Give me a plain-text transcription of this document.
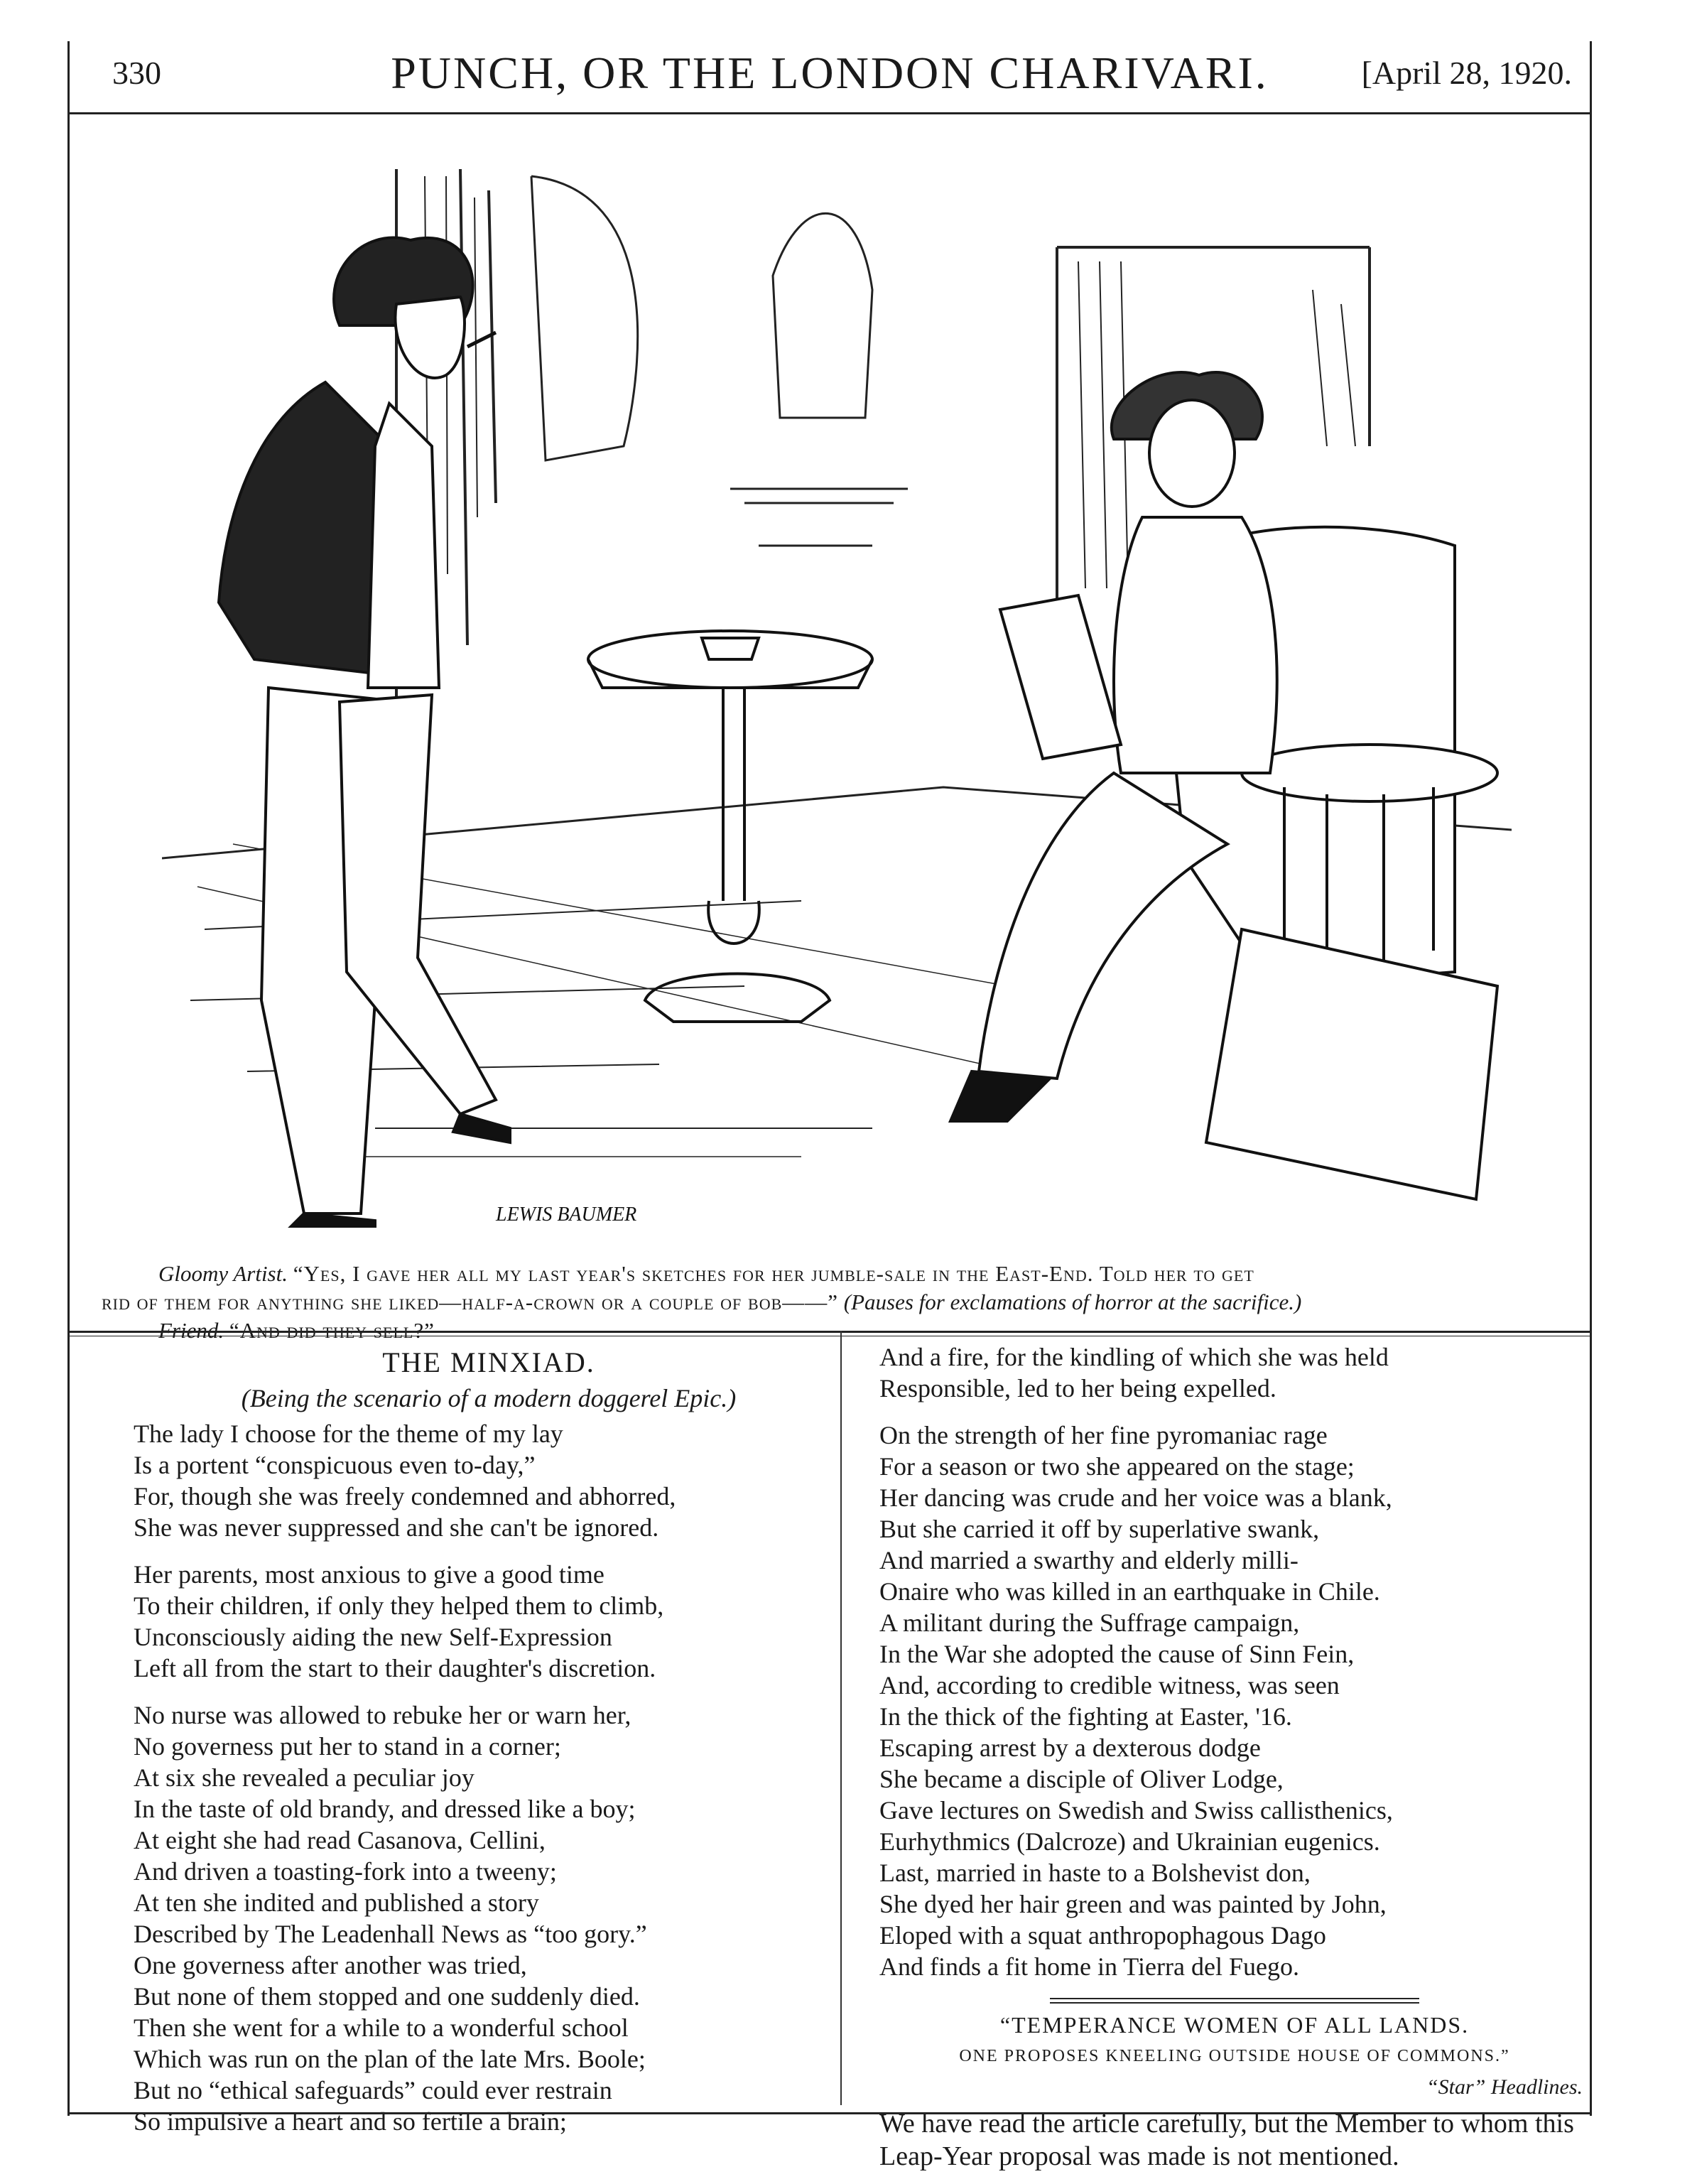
330	PUNCH, OR THE LONDON CHARIVARI.	[April 28, 1920.
LEWIS BAUMER

Gloomy Artist. “Yes, I gave her all my last year's sketches for her jumble-sale in the East-End. Told her to get

rid of them for anything she liked—half-a-crown or a couple of bob——” (Pauses for exclamations of horror at the sacrifice.)

Friend. “And did they sell?”

THE MINXIAD.
(Being the scenario of a modern doggerel Epic.)
The lady I choose for the theme of my lay
Is a portent “conspicuous even to-day,”
For, though she was freely condemned and abhorred,
She was never suppressed and she can't be ignored.
Her parents, most anxious to give a good time
To their children, if only they helped them to climb,
Unconsciously aiding the new Self-Expression
Left all from the start to their daughter's discretion.
No nurse was allowed to rebuke her or warn her,
No governess put her to stand in a corner;
At six she revealed a peculiar joy
In the taste of old brandy, and dressed like a boy;
At eight she had read Casanova, Cellini,
And driven a toasting-fork into a tweeny;
At ten she indited and published a story
Described by The Leadenhall News as “too gory.”
One governess after another was tried,
But none of them stopped and one suddenly died.
Then she went for a while to a wonderful school
Which was run on the plan of the late Mrs. Boole;
But no “ethical safeguards” could ever restrain
So impulsive a heart and so fertile a brain;
And a fire, for the kindling of which she was held
Responsible, led to her being expelled.
On the strength of her fine pyromaniac rage
For a season or two she appeared on the stage;
Her dancing was crude and her voice was a blank,
But she carried it off by superlative swank,
And married a swarthy and elderly milli-
Onaire who was killed in an earthquake in Chile.
A militant during the Suffrage campaign,
In the War she adopted the cause of Sinn Fein,
And, according to credible witness, was seen
In the thick of the fighting at Easter, '16.
Escaping arrest by a dexterous dodge
She became a disciple of Oliver Lodge,
Gave lectures on Swedish and Swiss callisthenics,
Eurhythmics (Dalcroze) and Ukrainian eugenics.
Last, married in haste to a Bolshevist don,
She dyed her hair green and was painted by John,
Eloped with a squat anthropophagous Dago
And finds a fit home in Tierra del Fuego.
“TEMPERANCE WOMEN OF ALL LANDS.
ONE PROPOSES KNEELING OUTSIDE HOUSE OF COMMONS.”
“Star” Headlines.
We have read the article carefully, but the Member to whom this Leap-Year proposal was made is not mentioned.
